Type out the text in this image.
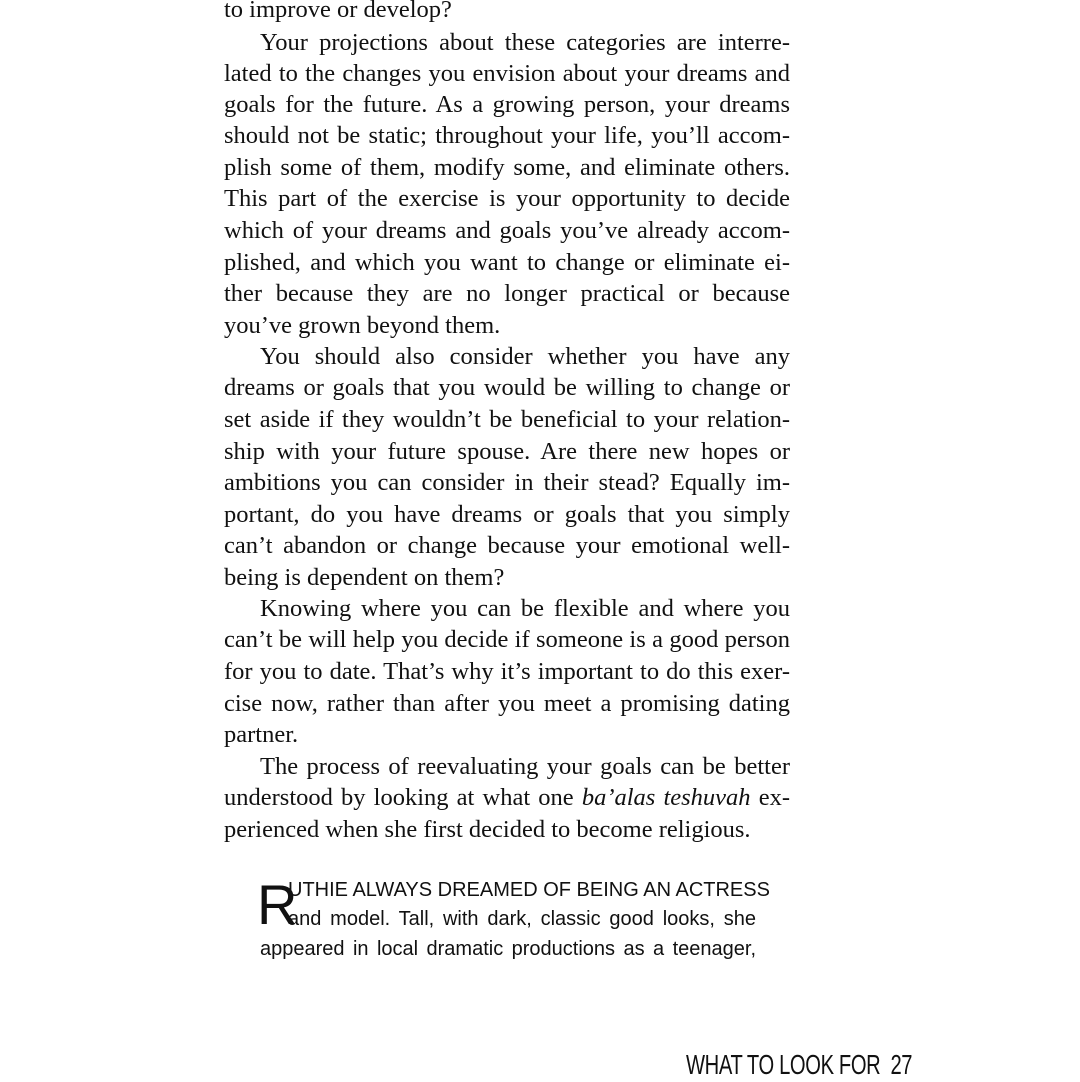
to improve or develop?

Your projections about these categories are interre-

lated to the changes you envision about your dreams and

goals for the future. As a growing person, your dreams

should not be static; throughout your life, you’ll accom-

plish some of them, modify some, and eliminate others.

This part of the exercise is your opportunity to decide

which of your dreams and goals you’ve already accom-

plished, and which you want to change or eliminate ei-

ther because they are no longer practical or because

you’ve grown beyond them.

You should also consider whether you have any

dreams or goals that you would be willing to change or

set aside if they wouldn’t be beneficial to your relation-

ship with your future spouse. Are there new hopes or

ambitions you can consider in their stead? Equally im-

portant, do you have dreams or goals that you simply

can’t abandon or change because your emotional well-

being is dependent on them?

Knowing where you can be flexible and where you

can’t be will help you decide if someone is a good person

for you to date. That’s why it’s important to do this exer-

cise now, rather than after you meet a promising dating

partner.

The process of reevaluating your goals can be better

understood by looking at what one ba’alas teshuvah ex-

perienced when she first decided to become religious.

R

UTHIE ALWAYS DREAMED OF BEING AN ACTRESS

and model. Tall, with dark, classic good looks, she

appeared in local dramatic productions as a teenager,

WHAT TO LOOK FOR 27
